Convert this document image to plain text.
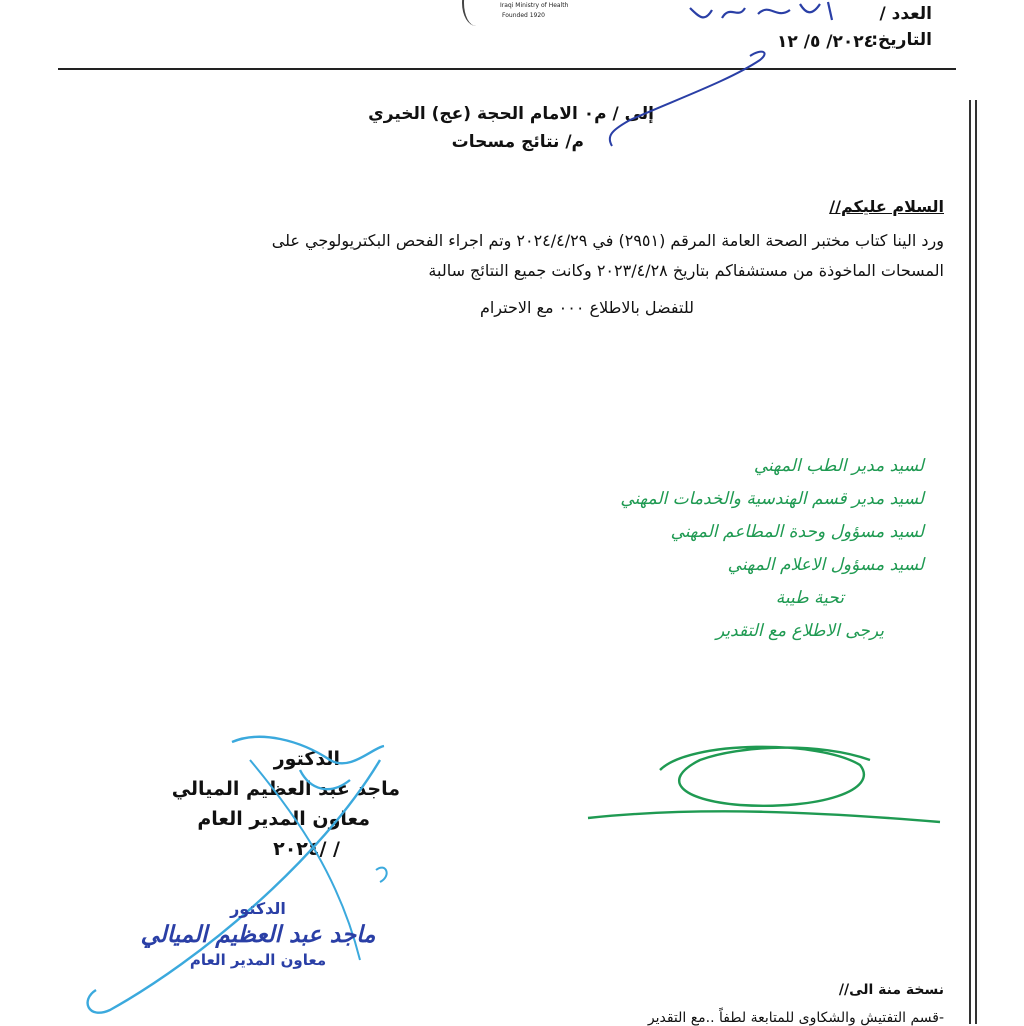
Iraqi Ministry of Health
Founded 1920	العدد /
التاريخ:
٢٠٢٤/ ٥/ ١٢
إلى / م٠ الامام الحجة (عج) الخيري
م/ نتائج مسحات
السلام عليكم//
ورد الينا كتاب مختبر الصحة العامة المرقم (٢٩٥١) في ٢٠٢٤/٤/٢٩ وتم اجراء الفحص البكتريولوجي على
المسحات الماخوذة من مستشفاكم بتاريخ ٢٠٢٣/٤/٢٨ وكانت جميع النتائج سالبة
للتفضل بالاطلاع ٠٠٠ مع الاحترام
لسيد مدير الطب المهني
لسيد مدير قسم الهندسية والخدمات المهني
لسيد مسؤول وحدة المطاعم المهني
لسيد مسؤول الاعلام المهني
تحية طيبة
يرجى الاطلاع مع التقدير
الدكتور
ماجد عبد العظيم الميالي
معاون المدير العام
/ /٢٠٢٤
الدكتور
ماجد عبد العظيم الميالي
معاون المدير العام
نسخة منة الى//
-قسم التفتيش والشكاوى للمتابعة لطفاً ..مع التقدير
